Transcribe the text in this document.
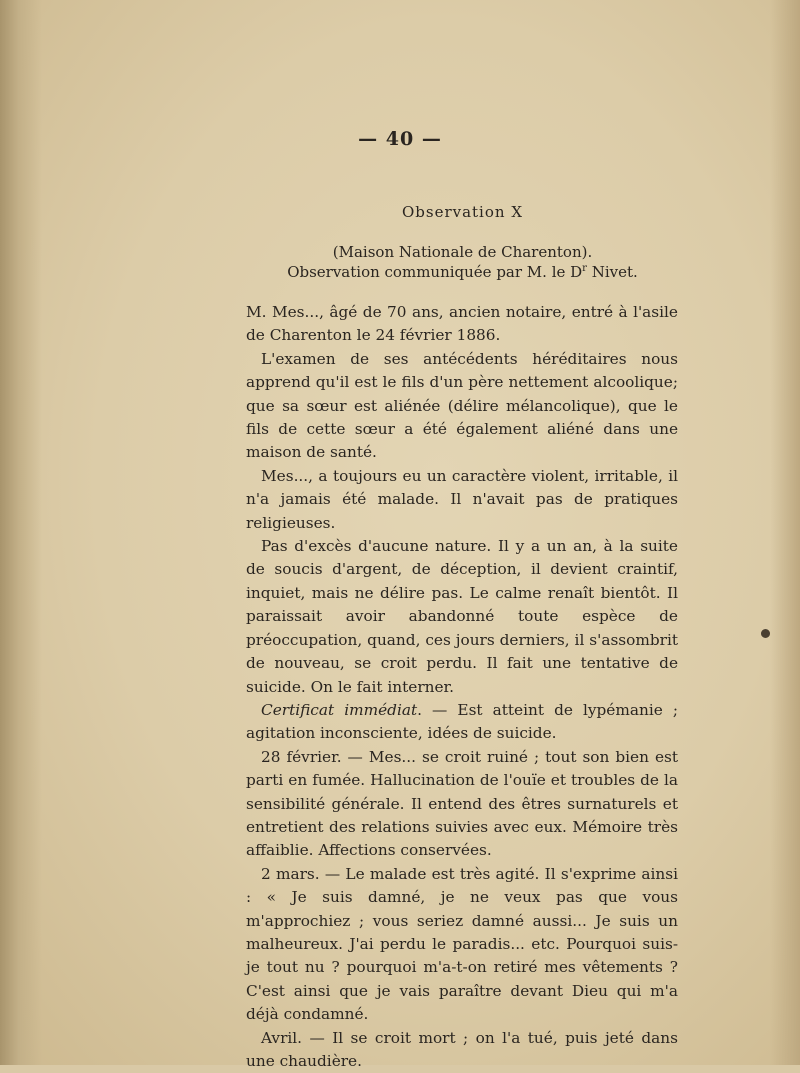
— 40 —
Observation X
(Maison Nationale de Charenton).
Observation communiquée par M. le $D^r$ Nivet.

M. Mes..., âgé de 70 ans, ancien notaire, entré à l'asile de Charenton le 24 février 1886.

L'examen de ses antécédents héréditaires nous apprend qu'il est le fils d'un père nettement alcoolique; que sa sœur est aliénée (délire mélancolique), que le fils de cette sœur a été également aliéné dans une maison de santé.

Mes..., a toujours eu un caractère violent, irritable, il n'a jamais été malade. Il n'avait pas de pratiques religieuses.

Pas d'excès d'aucune nature. Il y a un an, à la suite de soucis d'argent, de déception, il devient craintif, inquiet, mais ne délire pas. Le calme renaît bientôt. Il paraissait avoir abandonné toute espèce de préoccupation, quand, ces jours derniers, il s'assombrit de nouveau, se croit perdu. Il fait une tentative de suicide. On le fait interner.

Certificat immédiat. — Est atteint de lypémanie ; agitation inconsciente, idées de suicide.

28 février. — Mes... se croit ruiné ; tout son bien est parti en fumée. Hallucination de l'ouïe et troubles de la sensibilité générale. Il entend des êtres surnaturels et entretient des relations suivies avec eux. Mémoire très affaiblie. Affections conservées.

2 mars. — Le malade est très agité. Il s'exprime ainsi : « Je suis damné, je ne veux pas que vous m'approchiez ; vous seriez damné aussi... Je suis un malheureux. J'ai perdu le paradis... etc. Pourquoi suis-je tout nu ? pourquoi m'a-t-on retiré mes vêtements ? C'est ainsi que je vais paraître devant Dieu qui m'a déjà condamné.

Avril. — Il se croit mort ; on l'a tué, puis jeté dans une chaudière.
